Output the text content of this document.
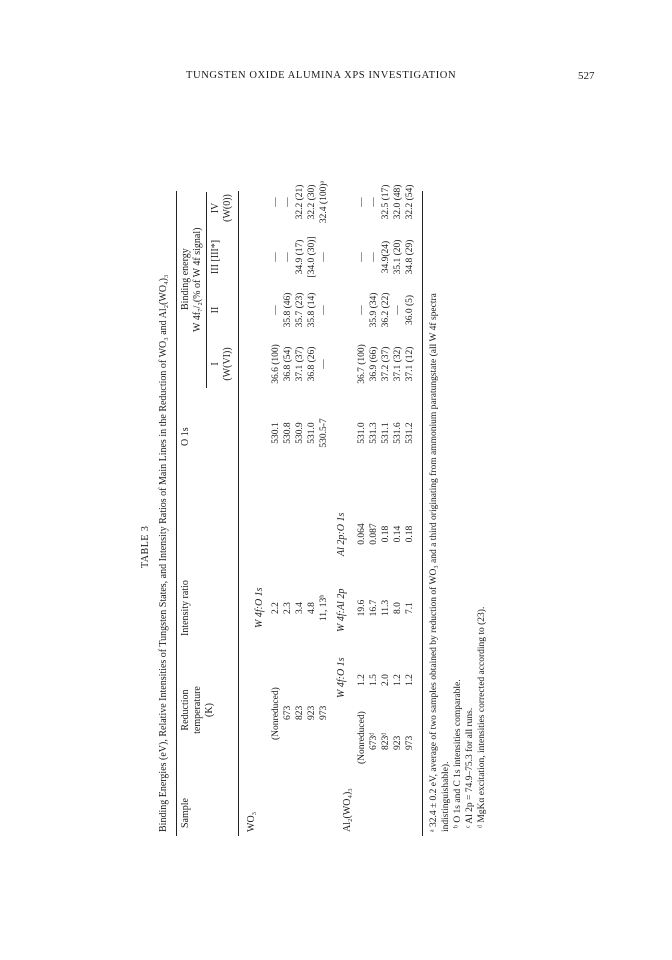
TUNGSTEN OXIDE ALUMINA XPS INVESTIGATION	527
TABLE 3 Binding Energies (eV), Relative Intensities of Tungsten States, and Intensity Ratios of Main Lines in the Reduction of WO₃ and Al₂(WO₄)₃ Sample
Reduction temperature (K)
Intensity ratio
O 1s
Binding energy W 4f₇/₂(% of W 4f signal)
I (W(VI))
II
III [III*]
IV (W(0))
WO₃
W 4f:O 1s
(Nonreduced)
2.2
530.1
36.6 (100)
—
—
—
673
2.3
530.8
36.8 (54)
35.8 (46)
—
—
823
3.4
530.9
37.1 (37)
35.7 (23)
34.9 (17)
32.2 (21)
923
4.8
531.0
36.8 (26)
35.8 (14)
[34.0 (30)]
32.2 (30)
973
11, 13ᵇ
530.5-7
—
—
—
32.4 (100)ᵃ
Al₂(WO₄)₃
W 4f:O 1s
W 4f:Al 2p
Al 2p:O 1s
(Nonreduced)
1.2
19.6
0.064
531.0
36.7 (100)
—
—
—
673ᵈ
1.5
16.7
0.087
531.3
36.9 (66)
35.9 (34)
—
—
823ᵈ
2.0
11.3
0.18
531.1
37.2 (37)
36.2 (22)
34.9(24)
32.5 (17)
923
1.2
8.0
0.14
531.6
37.1 (32)
—
35.1 (20)
32.0 (48)
973
1.2
7.1
0.18
531.2
37.1 (12)
36.0 (5)
34.8 (29)
32.2 (54)
ᵃ 32.4 ± 0.2 eV, average of two samples obtained by reduction of WO₃ and a third originating from ammonium paratungstate (all W 4f spectra indistinguishable). ᵇ O 1s and C 1s intensities comparable. ᶜ Al 2p = 74.9–75.3 for all runs. ᵈ MgKα excitation, intensities corrected according to (23).
